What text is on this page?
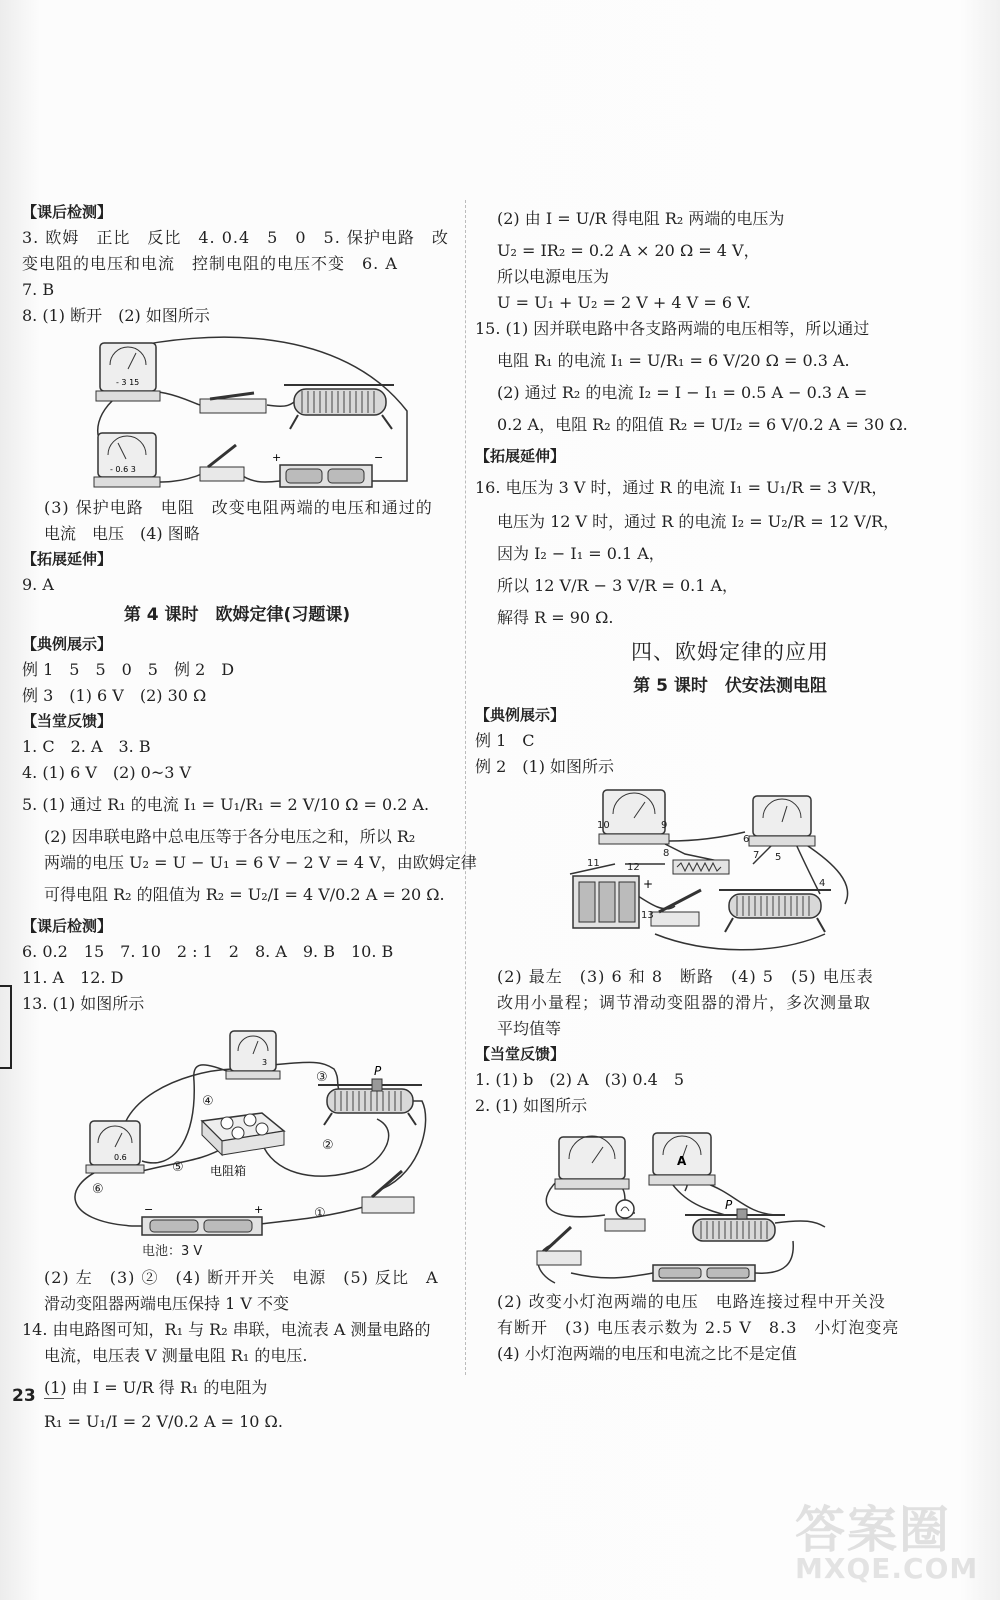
【课后检测】

3. 欧姆　正比　反比　4. 0.4　5　0　5. 保护电路　改

变电阻的电压和电流　控制电阻的电压不变　6. A

7. B

8. (1) 断开　(2) 如图所示

- 3 15
- 0.6 3
+	−

(3) 保护电路　电阻　改变电阻两端的电压和通过的

电流　电压　(4) 图略

【拓展延伸】

9. A

第 4 课时　欧姆定律(习题课)

【典例展示】

例 1　5　5　0　5　例 2　D

例 3　(1) 6 V　(2) 30 Ω

【当堂反馈】

1. C　2. A　3. B

4. (1) 6 V　(2) 0~3 V

5. (1) 通过 R₁ 的电流 I₁ = U₁/R₁ = 2 V/10 Ω = 0.2 A.

(2) 因串联电路中总电压等于各分电压之和，所以 R₂

两端的电压 U₂ = U − U₁ = 6 V − 2 V = 4 V，由欧姆定律

可得电阻 R₂ 的阻值为 R₂ = U₂/I = 4 V/0.2 A = 20 Ω.

【课后检测】

6. 0.2　15　7. 10　2 : 1　2　8. A　9. B　10. B

11. A　12. D

13. (1) 如图所示

3
0.6
电阻箱
P
−	+	①
②
③
④
⑤
⑥

电池：3 V

(2) 左　(3) ②　(4) 断开开关　电源　(5) 反比　A

滑动变阻器两端电压保持 1 V 不变

14. 由电路图可知，R₁ 与 R₂ 串联，电流表 A 测量电路的

电流，电压表 V 测量电阻 R₁ 的电压.

(1) 由 I = U/R 得 R₁ 的电阻为

R₁ = U₁/I = 2 V/0.2 A = 10 Ω.

(2) 由 I = U/R 得电阻 R₂ 两端的电压为

U₂ = IR₂ = 0.2 A × 20 Ω = 4 V，

所以电源电压为

U = U₁ + U₂ = 2 V + 4 V = 6 V.

15. (1) 因并联电路中各支路两端的电压相等，所以通过

电阻 R₁ 的电流 I₁ = U/R₁ = 6 V/20 Ω = 0.3 A.

(2) 通过 R₂ 的电流 I₂ = I − I₁ = 0.5 A − 0.3 A =

0.2 A，电阻 R₂ 的阻值 R₂ = U/I₂ = 6 V/0.2 A = 30 Ω.

【拓展延伸】

16. 电压为 3 V 时，通过 R 的电流 I₁ = U₁/R = 3 V/R，

电压为 12 V 时，通过 R 的电流 I₂ = U₂/R = 12 V/R，

因为 I₂ − I₁ = 0.1 A，

所以 12 V/R − 3 V/R = 0.1 A，

解得 R = 90 Ω.

四、欧姆定律的应用

第 5 课时　伏安法测电阻

【典例展示】

例 1　C

例 2　(1) 如图所示

+
10	9
6
7 5
8
11	12
13
4

(2) 最左　(3) 6 和 8　断路　(4) 5　(5) 电压表

改用小量程；调节滑动变阻器的滑片，多次测量取

平均值等

【当堂反馈】

1. (1) b　(2) A　(3) 0.4　5

2. (1) 如图所示

A
P

(2) 改变小灯泡两端的电压　电路连接过程中开关没

有断开　(3) 电压表示数为 2.5 V　8.3　小灯泡变亮

(4) 小灯泡两端的电压和电流之比不是定值

23
答案圈
MXQE.COM
